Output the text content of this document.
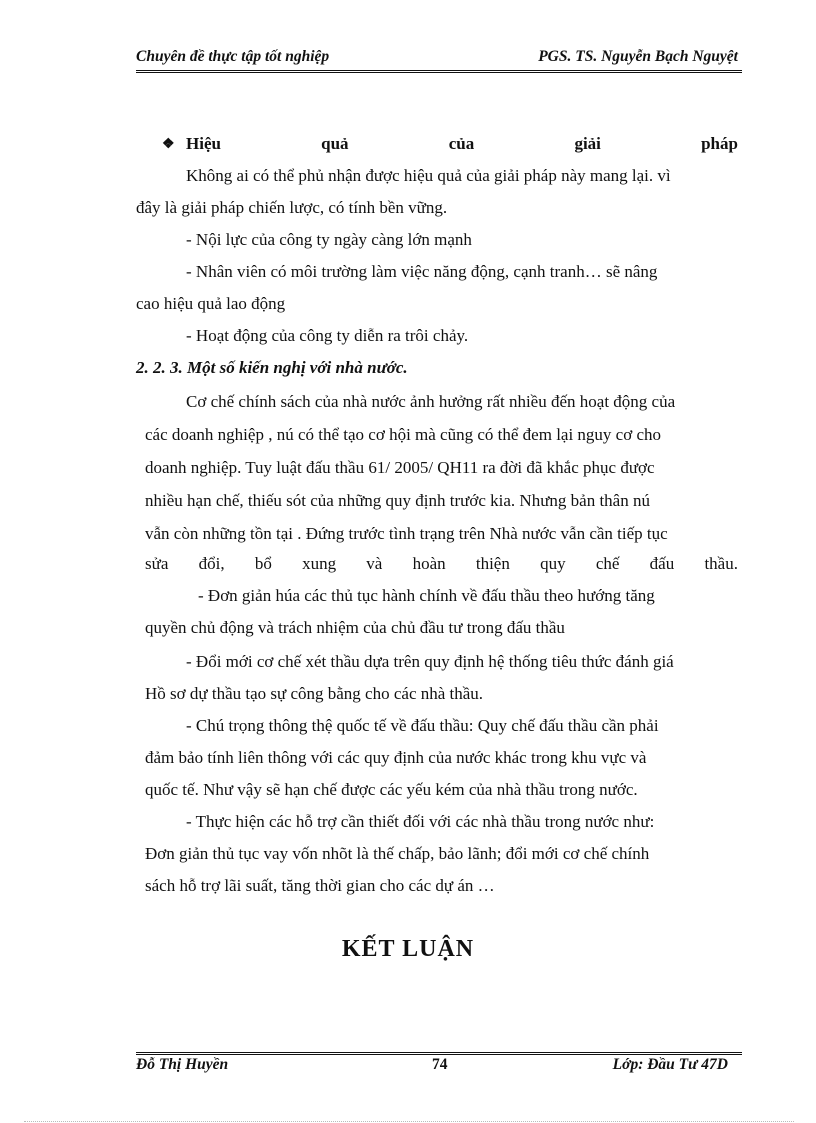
Chuyên đề thực tập tốt nghiệp	PGS. TS. Nguyễn Bạch Nguyệt
❖ Hiệu	quả	của	giải	pháp
Không ai có thể phủ nhận được hiệu quả của giải pháp này mang lại. vì
đây là giải pháp chiến lược, có tính bền vững.
- Nội lực của công ty ngày càng lớn mạnh
- Nhân viên có môi trường làm việc năng động, cạnh tranh… sẽ nâng
cao hiệu quả lao động
- Hoạt động của công ty diễn ra trôi chảy.
2. 2. 3. Một số kiến nghị với nhà nước.
Cơ chế chính sách của nhà nước ảnh hưởng rất nhiều đến hoạt động của
các doanh nghiệp , nú có thể tạo cơ hội mà cũng có thể đem lại nguy cơ cho
doanh nghiệp. Tuy luật đấu thầu 61/ 2005/ QH11 ra đời đã khắc phục được
nhiều hạn chế, thiếu sót của những quy định trước kia. Nhưng bản thân nú
vẫn còn những tồn tại . Đứng trước tình trạng trên Nhà nước vẫn cần tiếp tục
sửa đổi, bổ xung và hoàn thiện quy chế đấu thầu.
- Đơn giản húa các thủ tục hành chính về đấu thầu theo hướng tăng
quyền chủ động và trách nhiệm của chủ đầu tư trong đấu thầu
- Đổi mới cơ chế xét thầu dựa trên quy định hệ thống tiêu thức đánh giá
Hồ sơ dự thầu tạo sự công bằng cho các nhà thầu.
- Chú trọng thông thệ quốc tế về đấu thầu: Quy chế đấu thầu cần phải
đảm bảo tính liên thông với các quy định của nước khác trong khu vực và
quốc tế. Như vậy sẽ hạn chế được các yếu kém của nhà thầu trong nước.
- Thực hiện các hỗ trợ cần thiết đối với các nhà thầu trong nước như:
Đơn giản thủ tục vay vốn nhõt là thế chấp, bảo lãnh; đổi mới cơ chế chính
sách hỗ trợ lãi suất, tăng thời gian cho các dự án …
KẾT LUẬN
Đỗ Thị Huyền	74	Lớp: Đầu Tư 47D
